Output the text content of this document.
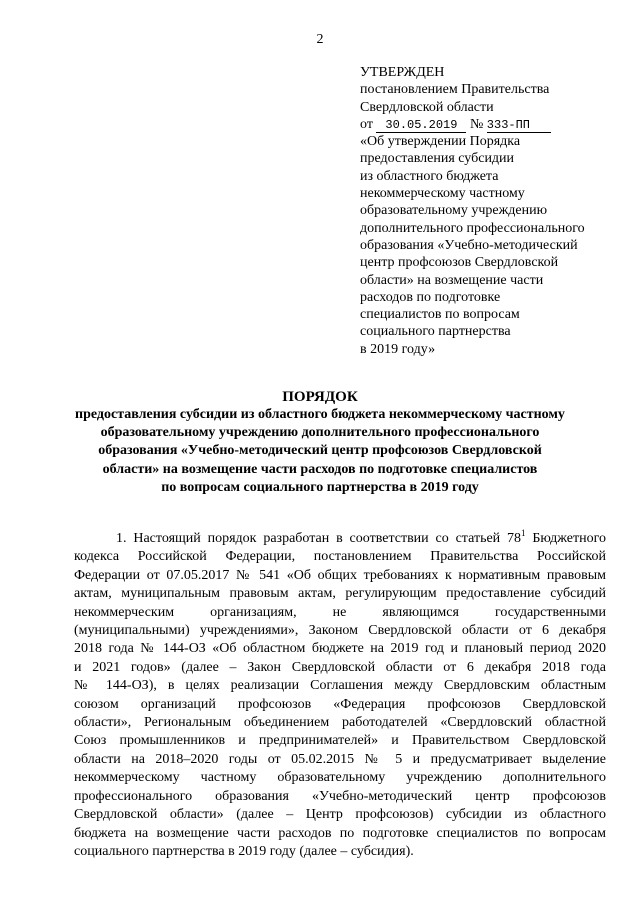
2
УТВЕРЖДЕН
постановлением Правительства
Свердловской области
от 30.05.2019 № 333-ПП
«Об утверждении Порядка
предоставления субсидии
из областного бюджета
некоммерческому частному
образовательному учреждению
дополнительного профессионального
образования «Учебно-методический
центр профсоюзов Свердловской
области» на возмещение части
расходов по подготовке
специалистов по вопросам
социального партнерства
в 2019 году»
ПОРЯДОК
предоставления субсидии из областного бюджета некоммерческому частному
образовательному учреждению дополнительного профессионального
образования «Учебно-методический центр профсоюзов Свердловской
области» на возмещение части расходов по подготовке специалистов
по вопросам социального партнерства в 2019 году
1. Настоящий порядок разработан в соответствии со статьей $78^1$ Бюджетного
кодекса Российской Федерации, постановлением Правительства Российской
Федерации от 07.05.2017 № 541 «Об общих требованиях к нормативным правовым
актам, муниципальным правовым актам, регулирующим предоставление субсидий
некоммерческим организациям, не являющимся государственными
(муниципальными) учреждениями», Законом Свердловской области от 6 декабря
2018 года № 144-ОЗ «Об областном бюджете на 2019 год и плановый период 2020
и 2021 годов» (далее – Закон Свердловской области от 6 декабря 2018 года
№ 144-ОЗ), в целях реализации Соглашения между Свердловским областным
союзом организаций профсоюзов «Федерация профсоюзов Свердловской
области», Региональным объединением работодателей «Свердловский областной
Союз промышленников и предпринимателей» и Правительством Свердловской
области на 2018–2020 годы от 05.02.2015 № 5 и предусматривает выделение
некоммерческому частному образовательному учреждению дополнительного
профессионального образования «Учебно-методический центр профсоюзов
Свердловской области» (далее – Центр профсоюзов) субсидии из областного
бюджета на возмещение части расходов по подготовке специалистов по вопросам
социального партнерства в 2019 году (далее – субсидия).
